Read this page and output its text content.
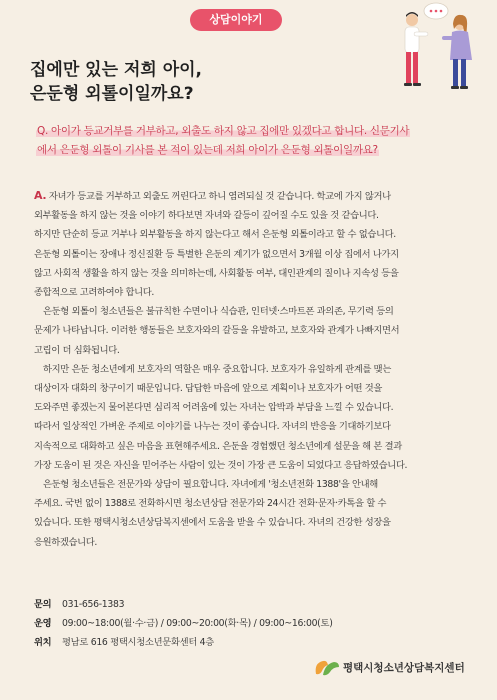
상담이야기
집에만 있는 저희 아이,
은둔형 외톨이일까요?
Q. 아이가 등교거부를 거부하고, 외출도 하지 않고 집에만 있겠다고 합니다. 신문기사
에서 은둔형 외톨이 기사를 본 적이 있는데 저희 아이가 은둔형 외톨이일까요?
A. 자녀가 등교를 거부하고 외출도 꺼린다고 하니 염려되실 것 같습니다. 학교에 가지 않거나
외부활동을 하지 않는 것을 이야기 하다보면 자녀와 갈등이 깊어질 수도 있을 것 같습니다.
하지만 단순히 등교 거부나 외부활동을 하지 않는다고 해서 은둔형 외톨이라고 할 수 없습니다.
은둔형 외톨이는 장애나 정신질환 등 특별한 은둔의 계기가 없으면서 3개월 이상 집에서 나가지
않고 사회적 생활을 하지 않는 것을 의미하는데, 사회활동 여부, 대인관계의 질이나 지속성 등을
종합적으로 고려하여야 합니다.
　은둔형 외톨이 청소년들은 불규칙한 수면이나 식습관, 인터넷·스마트폰 과의존, 무기력 등의
문제가 나타납니다. 이러한 행동들은 보호자와의 갈등을 유발하고, 보호자와 관계가 나빠지면서
고립이 더 심화됩니다.
　하지만 은둔 청소년에게 보호자의 역할은 매우 중요합니다. 보호자가 유일하게 관계를 맺는
대상이자 대화의 창구이기 때문입니다. 답답한 마음에 앞으로 계획이나 보호자가 어떤 것을
도와주면 좋겠는지 물어본다면 심리적 어려움에 있는 자녀는 압박과 부담을 느낄 수 있습니다.
따라서 일상적인 가벼운 주제로 이야기를 나누는 것이 좋습니다. 자녀의 반응을 기대하기보다
지속적으로 대화하고 싶은 마음을 표현해주세요. 은둔을 경험했던 청소년에게 설문을 해 본 결과
가장 도움이 된 것은 자신을 믿어주는 사람이 있는 것이 가장 큰 도움이 되었다고 응답하였습니다.
　은둔형 청소년들은 전문가와 상담이 필요합니다. 자녀에게 '청소년전화 1388'을 안내해
주세요. 국번 없이 1388로 전화하시면 청소년상담 전문가와 24시간 전화·문자·카톡을 할 수
있습니다. 또한 평택시청소년상담복지센에서 도움을 받을 수 있습니다. 자녀의 건강한 성장을
응원하겠습니다.
문의 031-656-1383
운영 09:00~18:00(월·수·금) / 09:00~20:00(화·목) / 09:00~16:00(토)
위치 평남로 616 평택시청소년문화센터 4층
평택시청소년상담복지센터
